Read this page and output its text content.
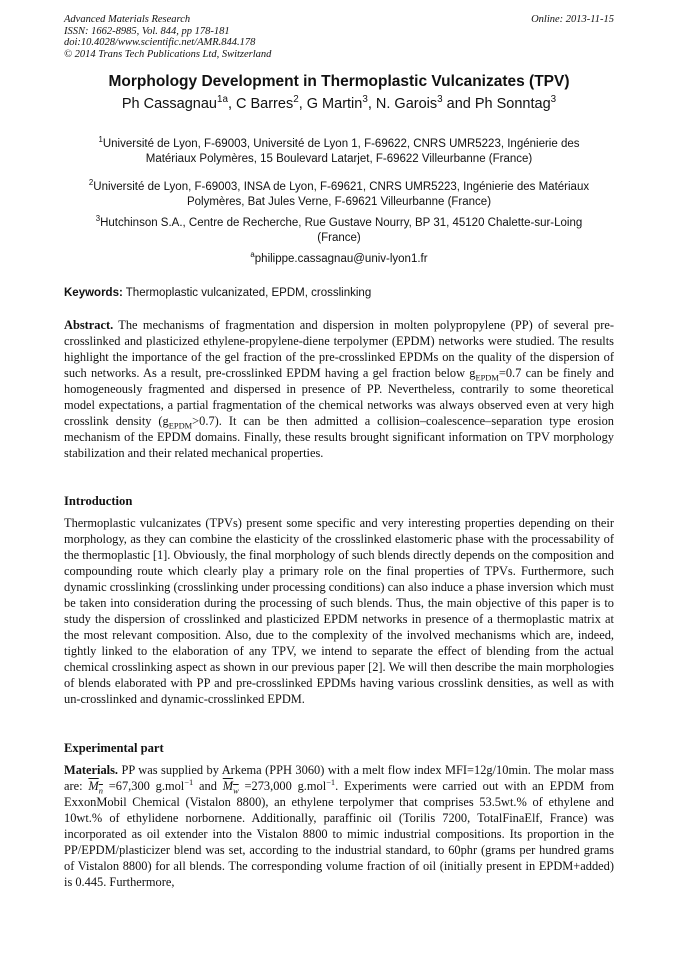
Advanced Materials Research
ISSN: 1662-8985, Vol. 844, pp 178-181
doi:10.4028/www.scientific.net/AMR.844.178
© 2014 Trans Tech Publications Ltd, Switzerland
Online: 2013-11-15
Morphology Development in Thermoplastic Vulcanizates (TPV)
Ph Cassagnau$^{1a}$, C Barres$^2$, G Martin$^3$, N. Garois$^3$ and Ph Sonntag$^3$
$^1$Université de Lyon, F-69003, Université de Lyon 1, F-69622, CNRS UMR5223, Ingénierie des
Matériaux Polymères, 15 Boulevard Latarjet, F-69622 Villeurbanne (France)
$^2$Université de Lyon, F-69003, INSA de Lyon, F-69621, CNRS UMR5223, Ingénierie des Matériaux
Polymères, Bat Jules Verne, F-69621 Villeurbanne (France)
$^3$Hutchinson S.A., Centre de Recherche, Rue Gustave Nourry, BP 31, 45120 Chalette-sur-Loing
(France)
$^a$philippe.cassagnau@univ-lyon1.fr
Keywords: Thermoplastic vulcanizated, EPDM, crosslinking
Abstract. The mechanisms of fragmentation and dispersion in molten polypropylene (PP) of several pre-crosslinked and plasticized ethylene-propylene-diene terpolymer (EPDM) networks were studied. The results highlight the importance of the gel fraction of the pre-crosslinked EPDMs on the quality of the dispersion of such networks. As a result, pre-crosslinked EPDM having a gel fraction below $g_{EPDM}=0.7$ can be finely and homogeneously fragmented and dispersed in presence of PP. Nevertheless, contrarily to some theoretical model expectations, a partial fragmentation of the chemical networks was always observed even at very high crosslink density $(g_{EPDM}>0.7)$. It can be then admitted a collision–coalescence–separation type erosion mechanism of the EPDM domains. Finally, these results brought significant information on TPV morphology stabilization and their related mechanical properties.
Introduction
Thermoplastic vulcanizates (TPVs) present some specific and very interesting properties depending on their morphology, as they can combine the elasticity of the crosslinked elastomeric phase with the processability of the thermoplastic [1]. Obviously, the final morphology of such blends directly depends on the composition and compounding route which clearly play a primary role on the final properties of TPVs. Furthermore, such dynamic crosslinking (crosslinking under processing conditions) can also induce a phase inversion which must be taken into consideration during the processing of such blends. Thus, the main objective of this paper is to study the dispersion of crosslinked and plasticized EPDM networks in presence of a thermoplastic matrix at the most relevant composition. Also, due to the complexity of the involved mechanisms which are, indeed, tightly linked to the elaboration of any TPV, we intend to separate the effect of blending from the actual chemical crosslinking aspect as shown in our previous paper [2]. We will then describe the main morphologies of blends elaborated with PP and pre-crosslinked EPDMs having various crosslink densities, as well as with un-crosslinked and dynamic-crosslinked EPDM.
Experimental part
Materials. PP was supplied by Arkema (PPH 3060) with a melt flow index MFI=12g/10min. The molar mass are: $M_n =67,300$ g.mol$^{-1}$ and $M_w =273,000$ g.mol$^{-1}$. Experiments were carried out with an EPDM from ExxonMobil Chemical (Vistalon 8800), an ethylene terpolymer that comprises 53.5wt.% of ethylene and 10wt.% of ethylidene norbornene. Additionally, paraffinic oil (Torilis 7200, TotalFinaElf, France) was incorporated as oil extender into the Vistalon 8800 to mimic industrial compositions. Its proportion in the PP/EPDM/plasticizer blend was set, according to the industrial standard, to 60phr (grams per hundred grams of Vistalon 8800) for all blends. The corresponding volume fraction of oil (initially present in EPDM+added) is 0.445. Furthermore,
